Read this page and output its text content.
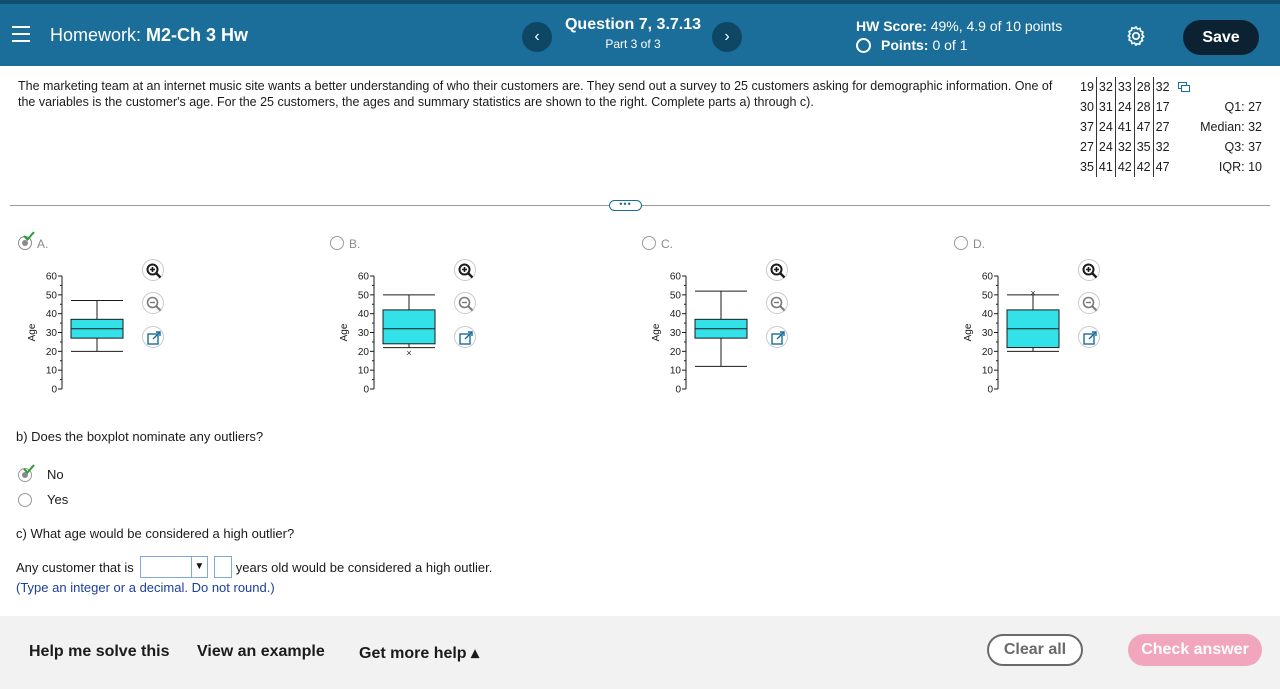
Homework: M2-Ch 3 Hw	‹
Question 7, 3.7.13
Part 3 of 3	›
HW Score: 49%, 4.9 of 10 points
Points: 0 of 1	Save
The marketing team at an internet music site wants a better understanding of who their customers are. They send out a survey to 25 customers asking for demographic information. One of the variables is the customer's age. For the 25 customers, the ages and summary statistics are shown to the right. Complete parts a) through c).
19	32	33	28	32
30	31	24	28	17
37	24	41	47	27
27	24	32	35	32
35	41	42	42	47
Q1: 27
Median: 32
Q3: 37
IQR: 10
•••
A.
Age
60
50
40
30
20
10
0
B.
Age
60
50
40
30
20
10
0
×
C.
Age
60
50
40
30
20
10
0
D.
Age
60
50
40
30
20
10
0
×
b) Does the boxplot nominate any outliers?
No
Yes
c) What age would be considered a high outlier?
Any customer that is	▼ years old would be considered a high outlier.
(Type an integer or a decimal. Do not round.)
Help me solve this View an example Get more help ▴	Clear all	Check answer
